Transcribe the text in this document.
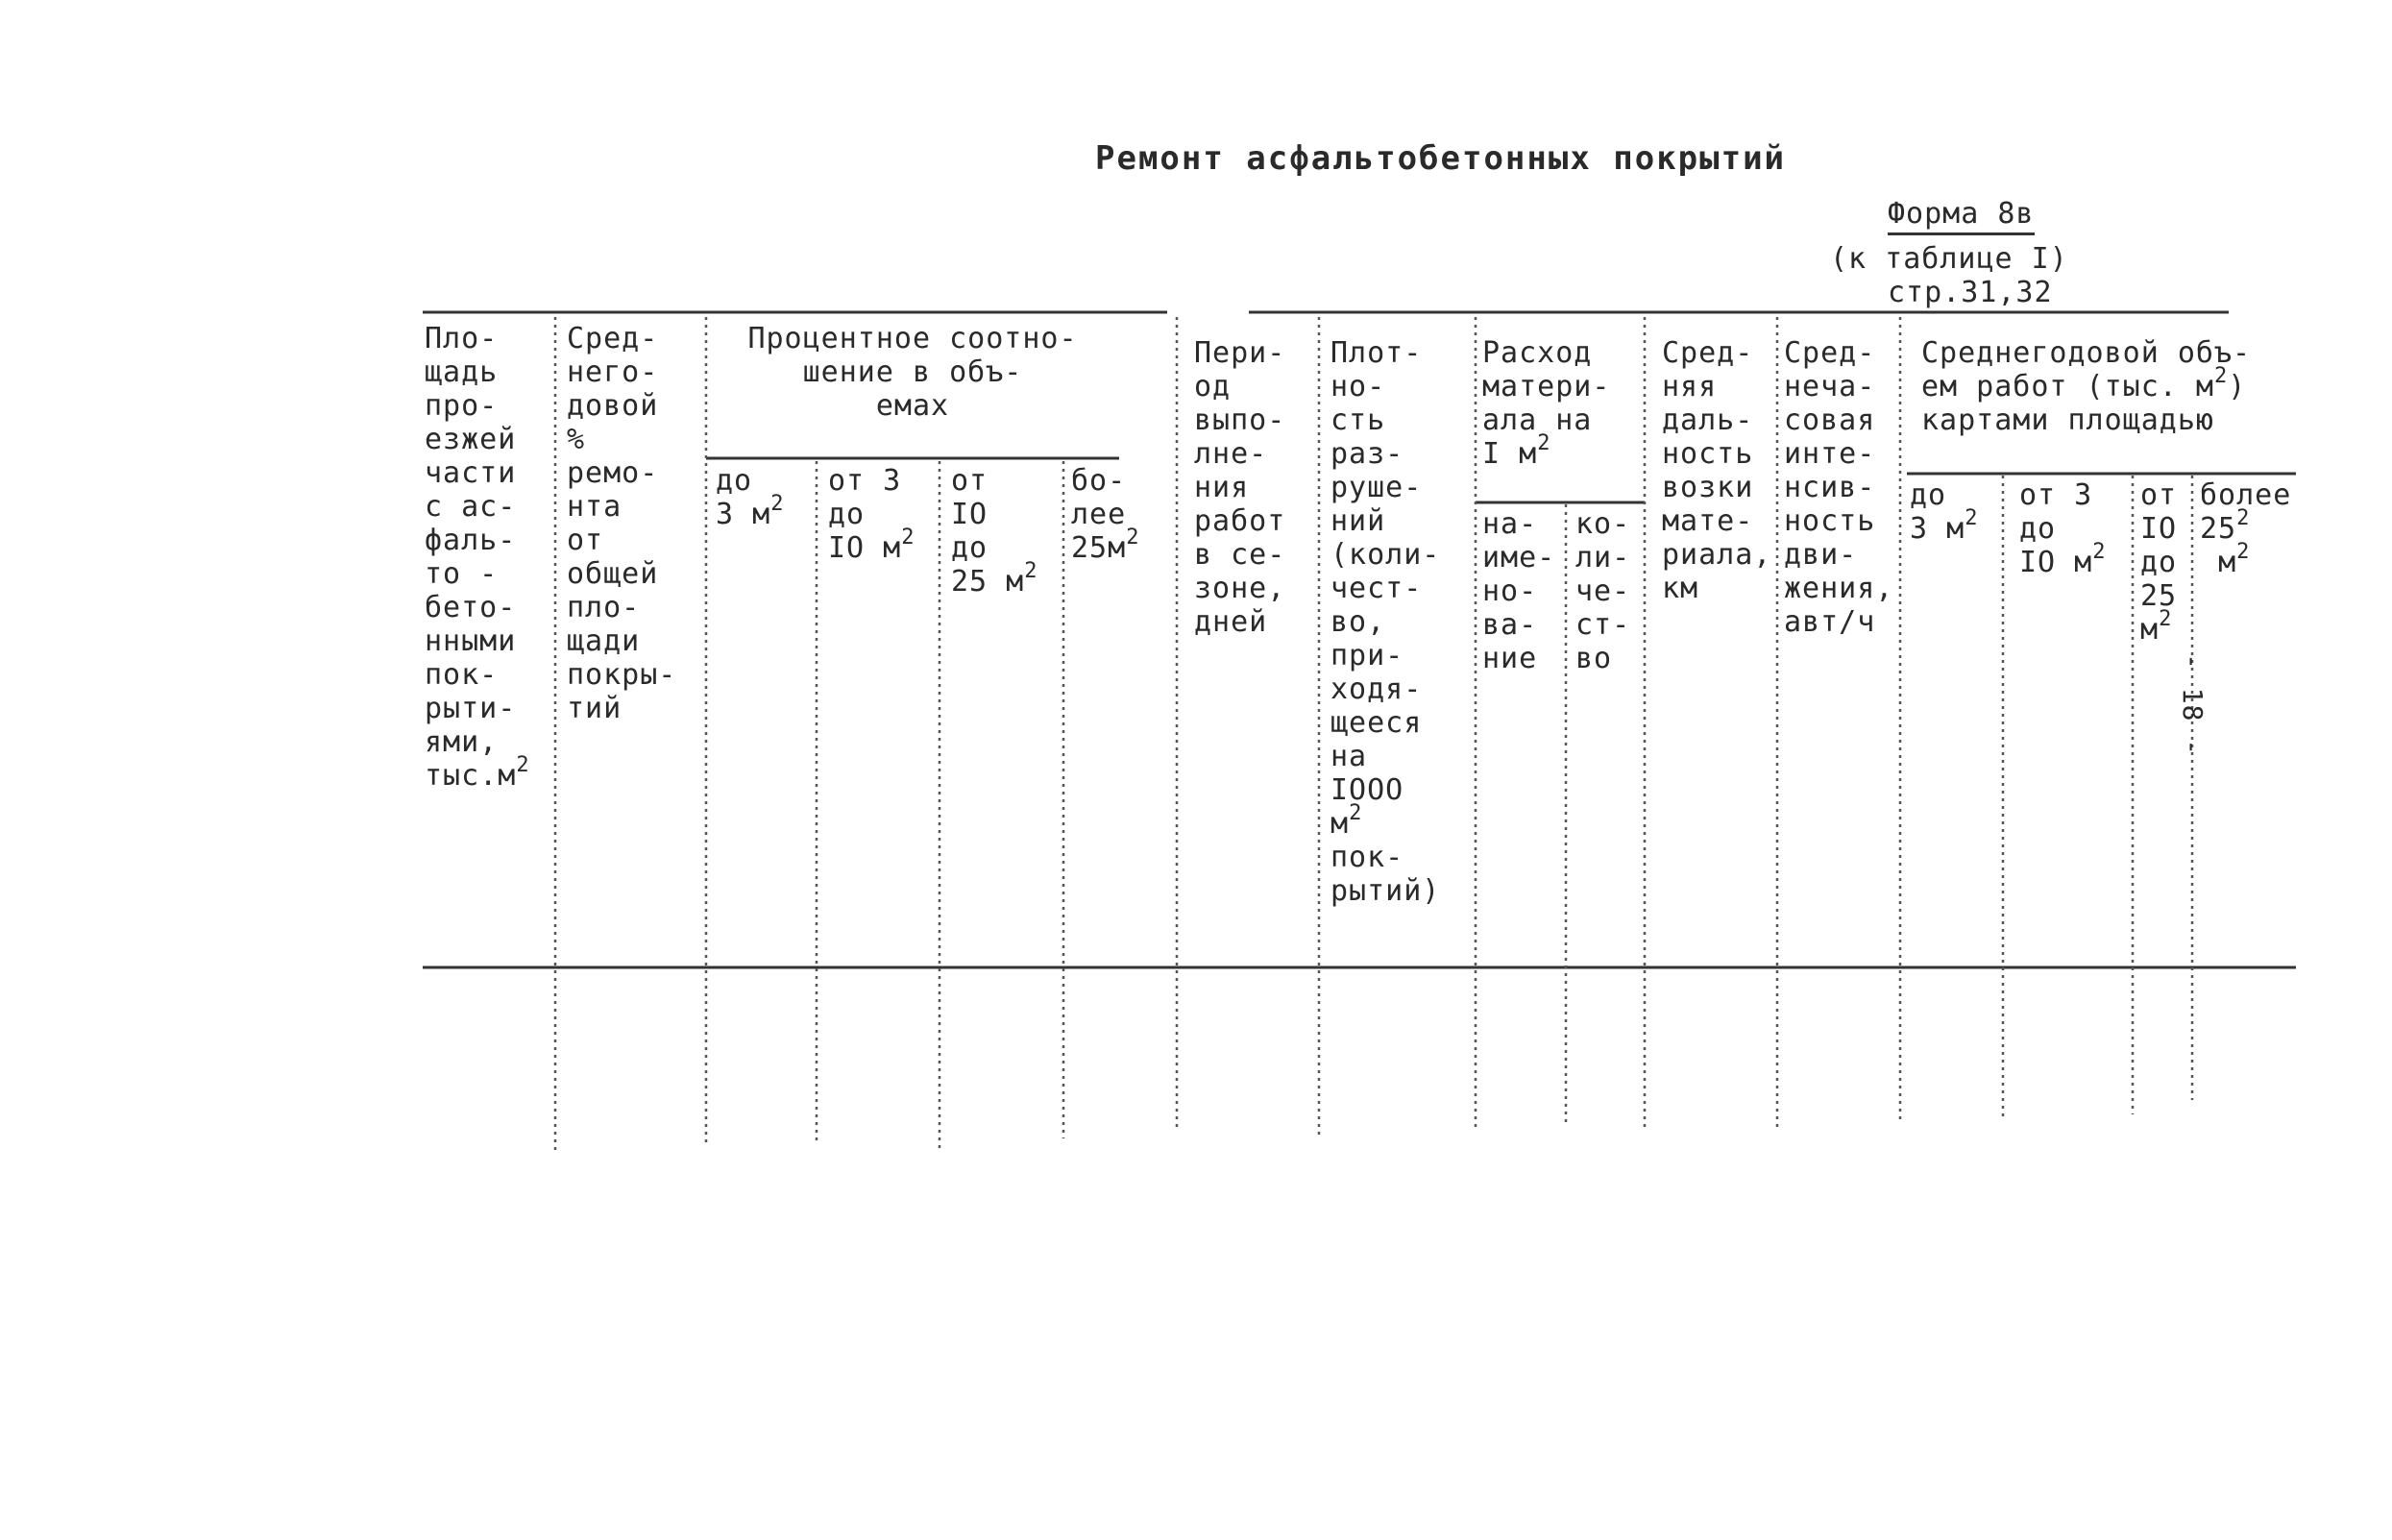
Ремонт асфальтобетонных покрытий
Форма 8в
(к таблице I)
стр.31,32
Пло-
щадь
про-
езжей
части
с ас-
фаль-
то -
бето-
нными
пок-
рыти-
ями,
$тыс.м^2$
Сред-
него-
довой
%
ремо-
нта
от
общей
пло-
щади
покры-
тий
Процентное соотно-
шение в объ-
емах
до
3 $м^2$
от 3
до
IO $м^2$
от
IO
до
25 $м^2$
бо-
лее
$25м^2$
Пери-
од
выпо-
лне-
ния
работ
в се-
зоне,
дней
Плот-
но-
сть
раз-
руше-
ний
(коли-
чест-
во,
при-
ходя-
щееся
на
IOOO
$м^2$
пок-
рытий)
Расход
матери-
ала на
I $м^2$
на-
име-
но-
ва-
ние
ко-
ли-
че-
ст-
во
Сред-
няя
даль-
ность
возки
мате-
риала,
км
Сред-
неча-
совая
инте-
нсив-
ность
дви-
жения,
авт/ч
Среднегодовой объ-
ем работ (тыс. $м^2$)
картами площадью
до
3 $м^2$
от 3
до
IO $м^2$
от
IO
до
25
$м^2$
более
$25^2$
$м^2$
- 18 -
